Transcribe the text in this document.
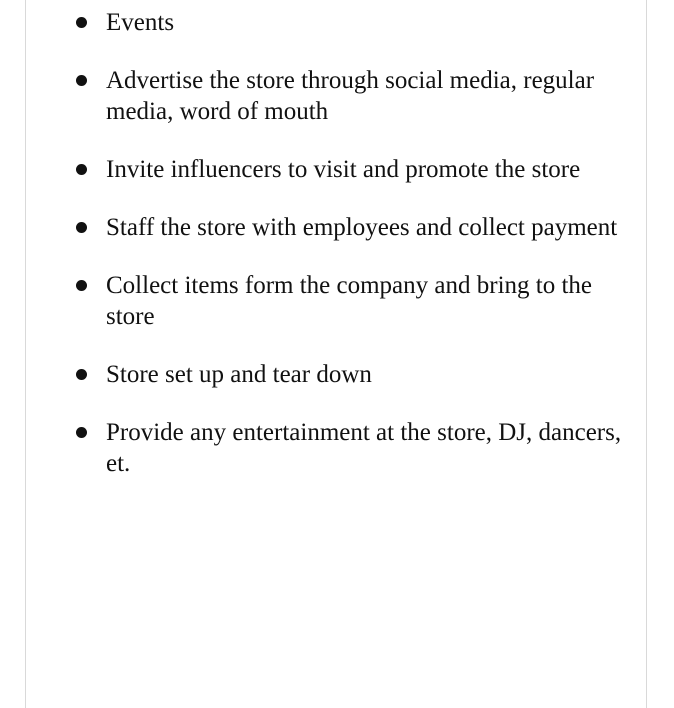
Events
Advertise the store through social media, regular media, word of mouth
Invite influencers to visit and promote the store
Staff the store with employees and collect payment
Collect items form the company and bring to the store
Store set up and tear down
Provide any entertainment at the store, DJ, dancers, et.
